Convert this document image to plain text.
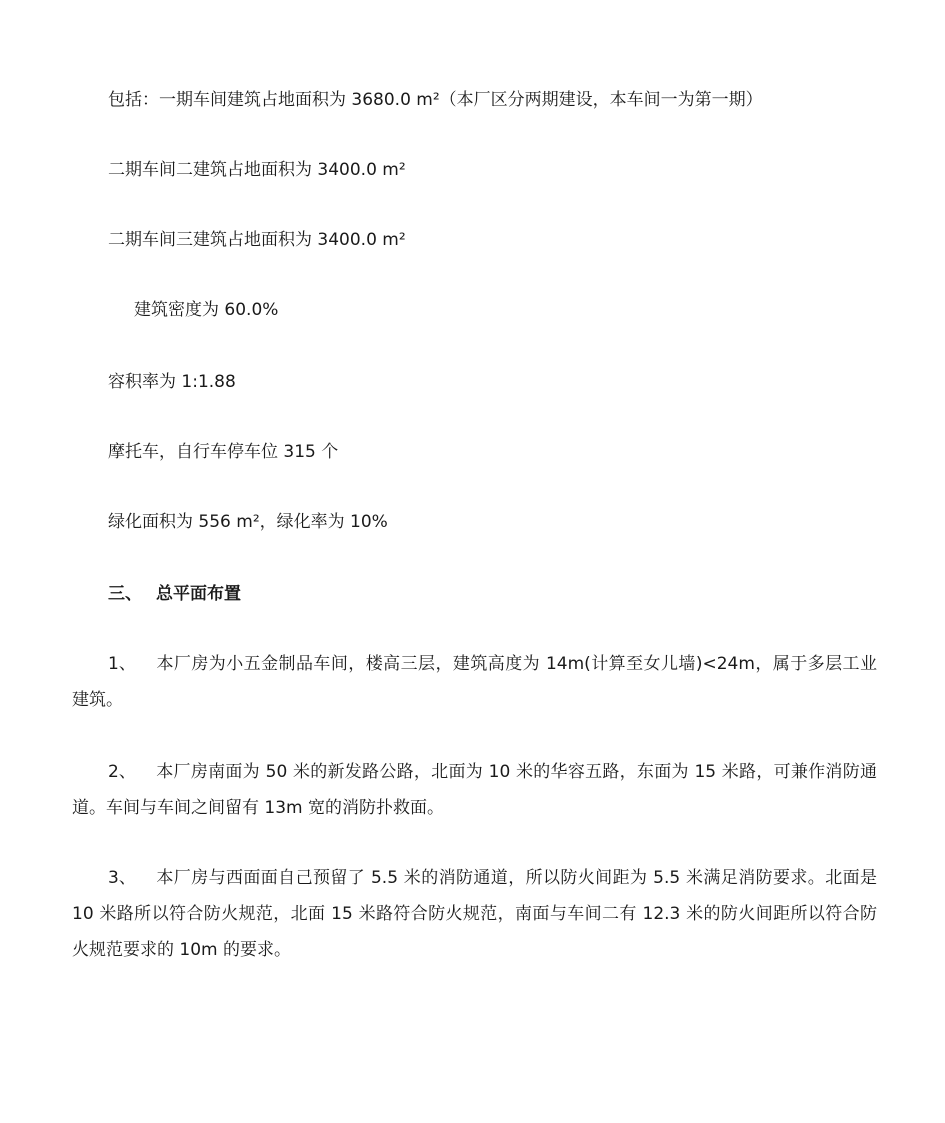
包括：一期车间建筑占地面积为 3680.0 m²（本厂区分两期建设，本车间一为第一期）
二期车间二建筑占地面积为 3400.0 m²
二期车间三建筑占地面积为 3400.0 m²
建筑密度为 60.0%
容积率为 1:1.88
摩托车，自行车停车位 315 个
绿化面积为 556 m²，绿化率为 10%
三、 总平面布置
1、 本厂房为小五金制品车间，楼高三层，建筑高度为 14m(计算至女儿墙)<24m，属于多层工业建筑。
2、 本厂房南面为 50 米的新发路公路，北面为 10 米的华容五路，东面为 15 米路，可兼作消防通道。车间与车间之间留有 13m 宽的消防扑救面。
3、 本厂房与西面面自己预留了 5.5 米的消防通道，所以防火间距为 5.5 米满足消防要求。北面是 10 米路所以符合防火规范，北面 15 米路符合防火规范，南面与车间二有 12.3 米的防火间距所以符合防火规范要求的 10m 的要求。
